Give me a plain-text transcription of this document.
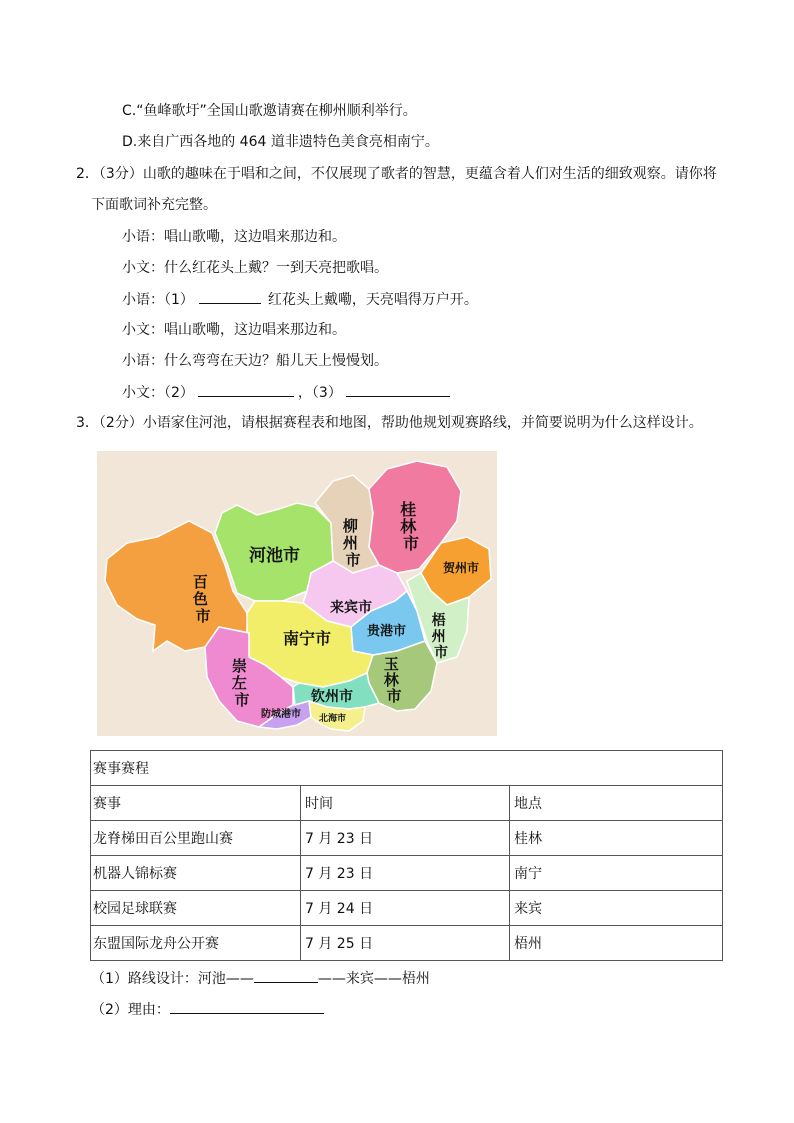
C.“鱼峰歌圩”全国山歌邀请赛在柳州顺利举行。
D.来自广西各地的 464 道非遗特色美食亮相南宁。
2．（3分）山歌的趣味在于唱和之间，不仅展现了歌者的智慧，更蕴含着人们对生活的细致观察。请你将
下面歌词补充完整。
小语：唱山歌嘞，这边唱来那边和。
小文：什么红花头上戴？一到天亮把歌唱。
小语：（1）	红花头上戴嘞，天亮唱得万户开。
小文：唱山歌嘞，这边唱来那边和。
小语：什么弯弯在天边？船儿天上慢慢划。
小文：（2）	，（3）
3．（2分）小语家住河池，请根据赛程表和地图，帮助他规划观赛路线，并简要说明为什么这样设计。
河池市
百 色 市
柳 州 市
桂 林 市
贺州市
来宾市
梧 州 市
贵港市
南宁市
崇 左 市
玉 林 市
钦州市
防城港市 北海市
赛事赛程		
赛事	时间	地点
龙脊梯田百公里跑山赛	7 月 23 日	桂林
机器人锦标赛	7 月 23 日	南宁
校园足球联赛	7 月 24 日	来宾
东盟国际龙舟公开赛	7 月 25 日	梧州
（1）路线设计：河池——	——来宾——梧州
（2）理由：
